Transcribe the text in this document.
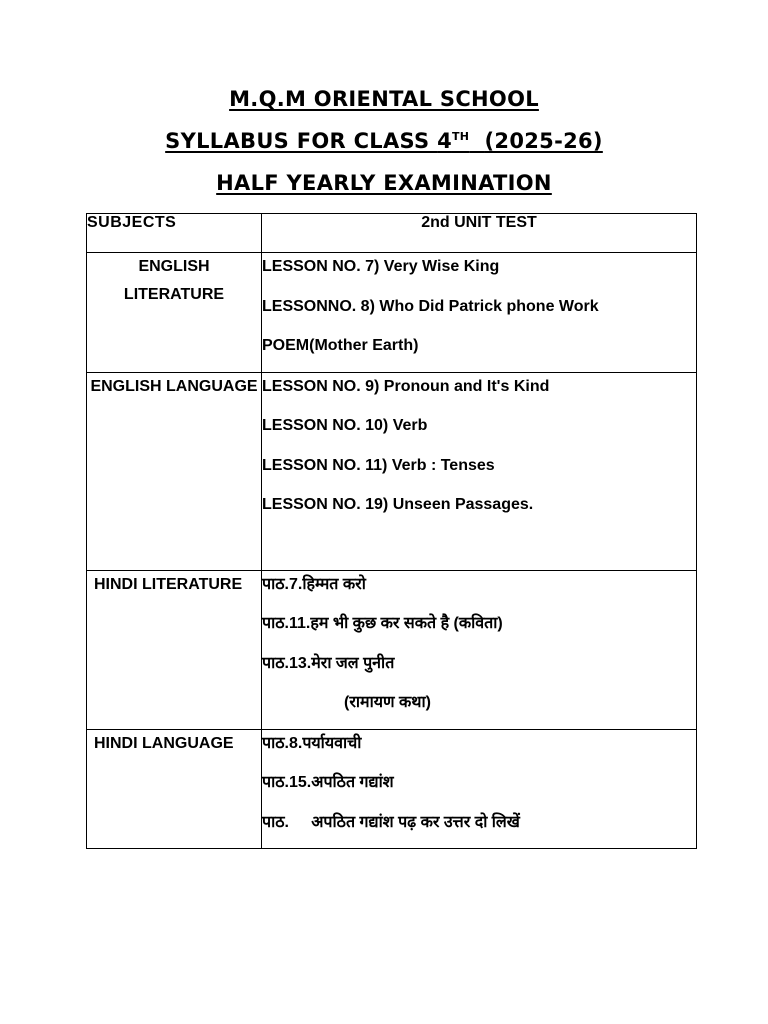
M.Q.M ORIENTAL SCHOOL
SYLLABUS FOR CLASS 4TH (2025-26)
HALF YEARLY EXAMINATION
SUBJECTS	2nd UNIT TEST
ENGLISH LITERATURE	LESSON NO. 7) Very Wise King
LESSONNO. 8) Who Did Patrick phone Work
POEM(Mother Earth)

ENGLISH LANGUAGE	LESSON NO. 9) Pronoun and It's Kind
LESSON NO. 10) Verb
LESSON NO. 11) Verb : Tenses
LESSON NO. 19) Unseen Passages.

HINDI LITERATURE	पाठ.7.हिम्मत करो
पाठ.11.हम भी कुछ कर सकते है (कविता)
पाठ.13.मेरा जल पुनीत
(रामायण कथा)

HINDI LANGUAGE	पाठ.8.पर्यायवाची
पाठ.15.अपठित गद्यांश
पाठ.     अपठित गद्यांश पढ़ कर उत्तर दो लिखें
